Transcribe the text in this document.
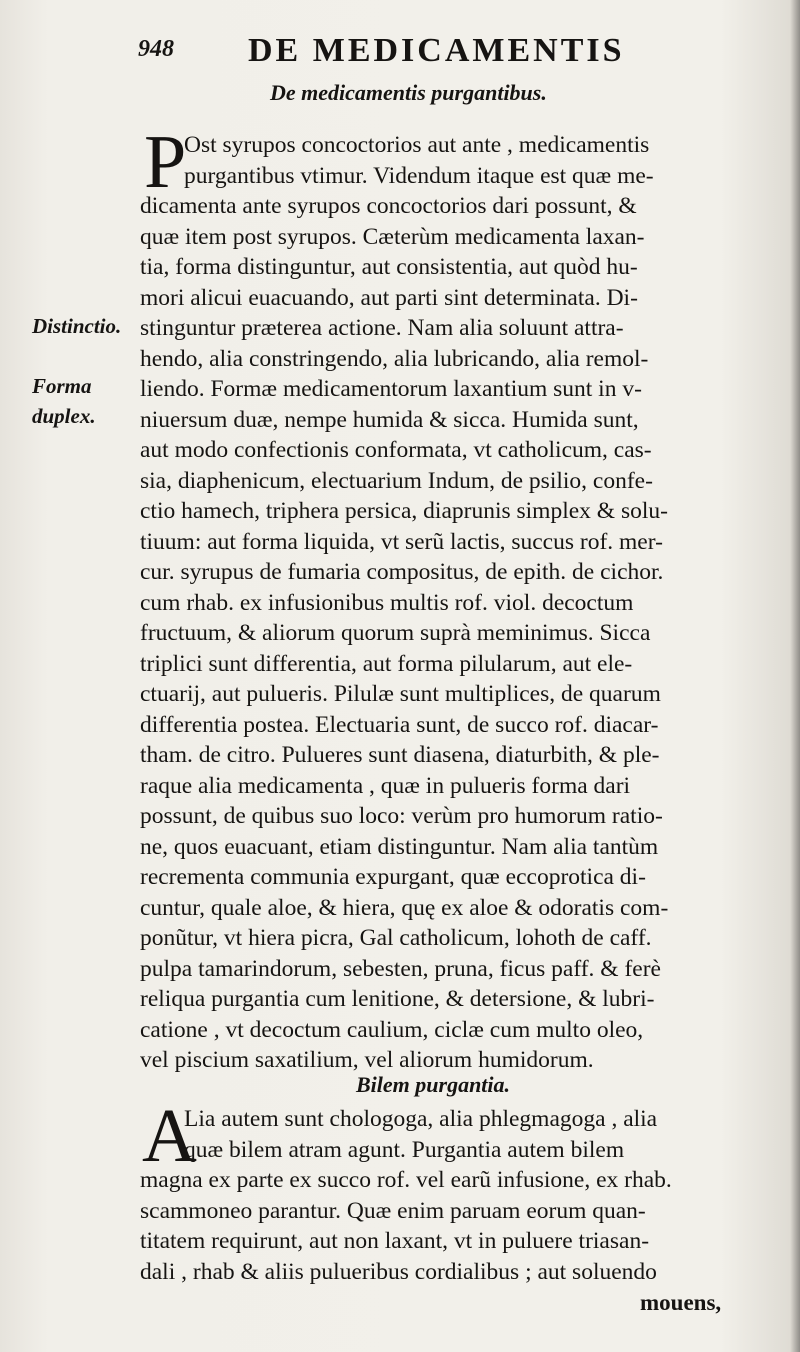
948 DE MEDICAMENTIS
De medicamentis purgantibus.
Distinctio.
Forma
duplex.
P
Ost syrupos concoctorios aut ante , medicamentis
purgantibus vtimur. Videndum itaque est quæ me-
dicamenta ante syrupos concoctorios dari possunt, &
quæ item post syrupos. Cæterùm medicamenta laxan-
tia, forma distinguntur, aut consistentia, aut quòd hu-
mori alicui euacuando, aut parti sint determinata. Di-
stinguntur præterea actione. Nam alia soluunt attra-
hendo, alia constringendo, alia lubricando, alia remol-
liendo. Formæ medicamentorum laxantium sunt in v-
niuersum duæ, nempe humida & sicca. Humida sunt,
aut modo confectionis conformata, vt catholicum, cas-
sia, diaphenicum, electuarium Indum, de psilio, confe-
ctio hamech, triphera persica, diaprunis simplex & solu-
tiuum: aut forma liquida, vt serũ lactis, succus rof. mer-
cur. syrupus de fumaria compositus, de epith. de cichor.
cum rhab. ex infusionibus multis rof. viol. decoctum
fructuum, & aliorum quorum suprà meminimus. Sicca
triplici sunt differentia, aut forma pilularum, aut ele-
ctuarij, aut pulueris. Pilulæ sunt multiplices, de quarum
differentia postea. Electuaria sunt, de succo rof. diacar-
tham. de citro. Pulueres sunt diasena, diaturbith, & ple-
raque alia medicamenta , quæ in pulueris forma dari
possunt, de quibus suo loco: verùm pro humorum ratio-
ne, quos euacuant, etiam distinguntur. Nam alia tantùm
recrementa communia expurgant, quæ eccoprotica di-
cuntur, quale aloe, & hiera, quę ex aloe & odoratis com-
ponũtur, vt hiera picra, Gal catholicum, lohoth de caff.
pulpa tamarindorum, sebesten, pruna, ficus paff. & ferè
reliqua purgantia cum lenitione, & detersione, & lubri-
catione , vt decoctum caulium, ciclæ cum multo oleo,
vel piscium saxatilium, vel aliorum humidorum.
Bilem purgantia.
A
Lia autem sunt chologoga, alia phlegmagoga , alia
quæ bilem atram agunt. Purgantia autem bilem
magna ex parte ex succo rof. vel earũ infusione, ex rhab.
scammoneo parantur. Quæ enim paruam eorum quan-
titatem requirunt, aut non laxant, vt in puluere triasan-
dali , rhab & aliis pulueribus cordialibus ; aut soluendo
mouens,
